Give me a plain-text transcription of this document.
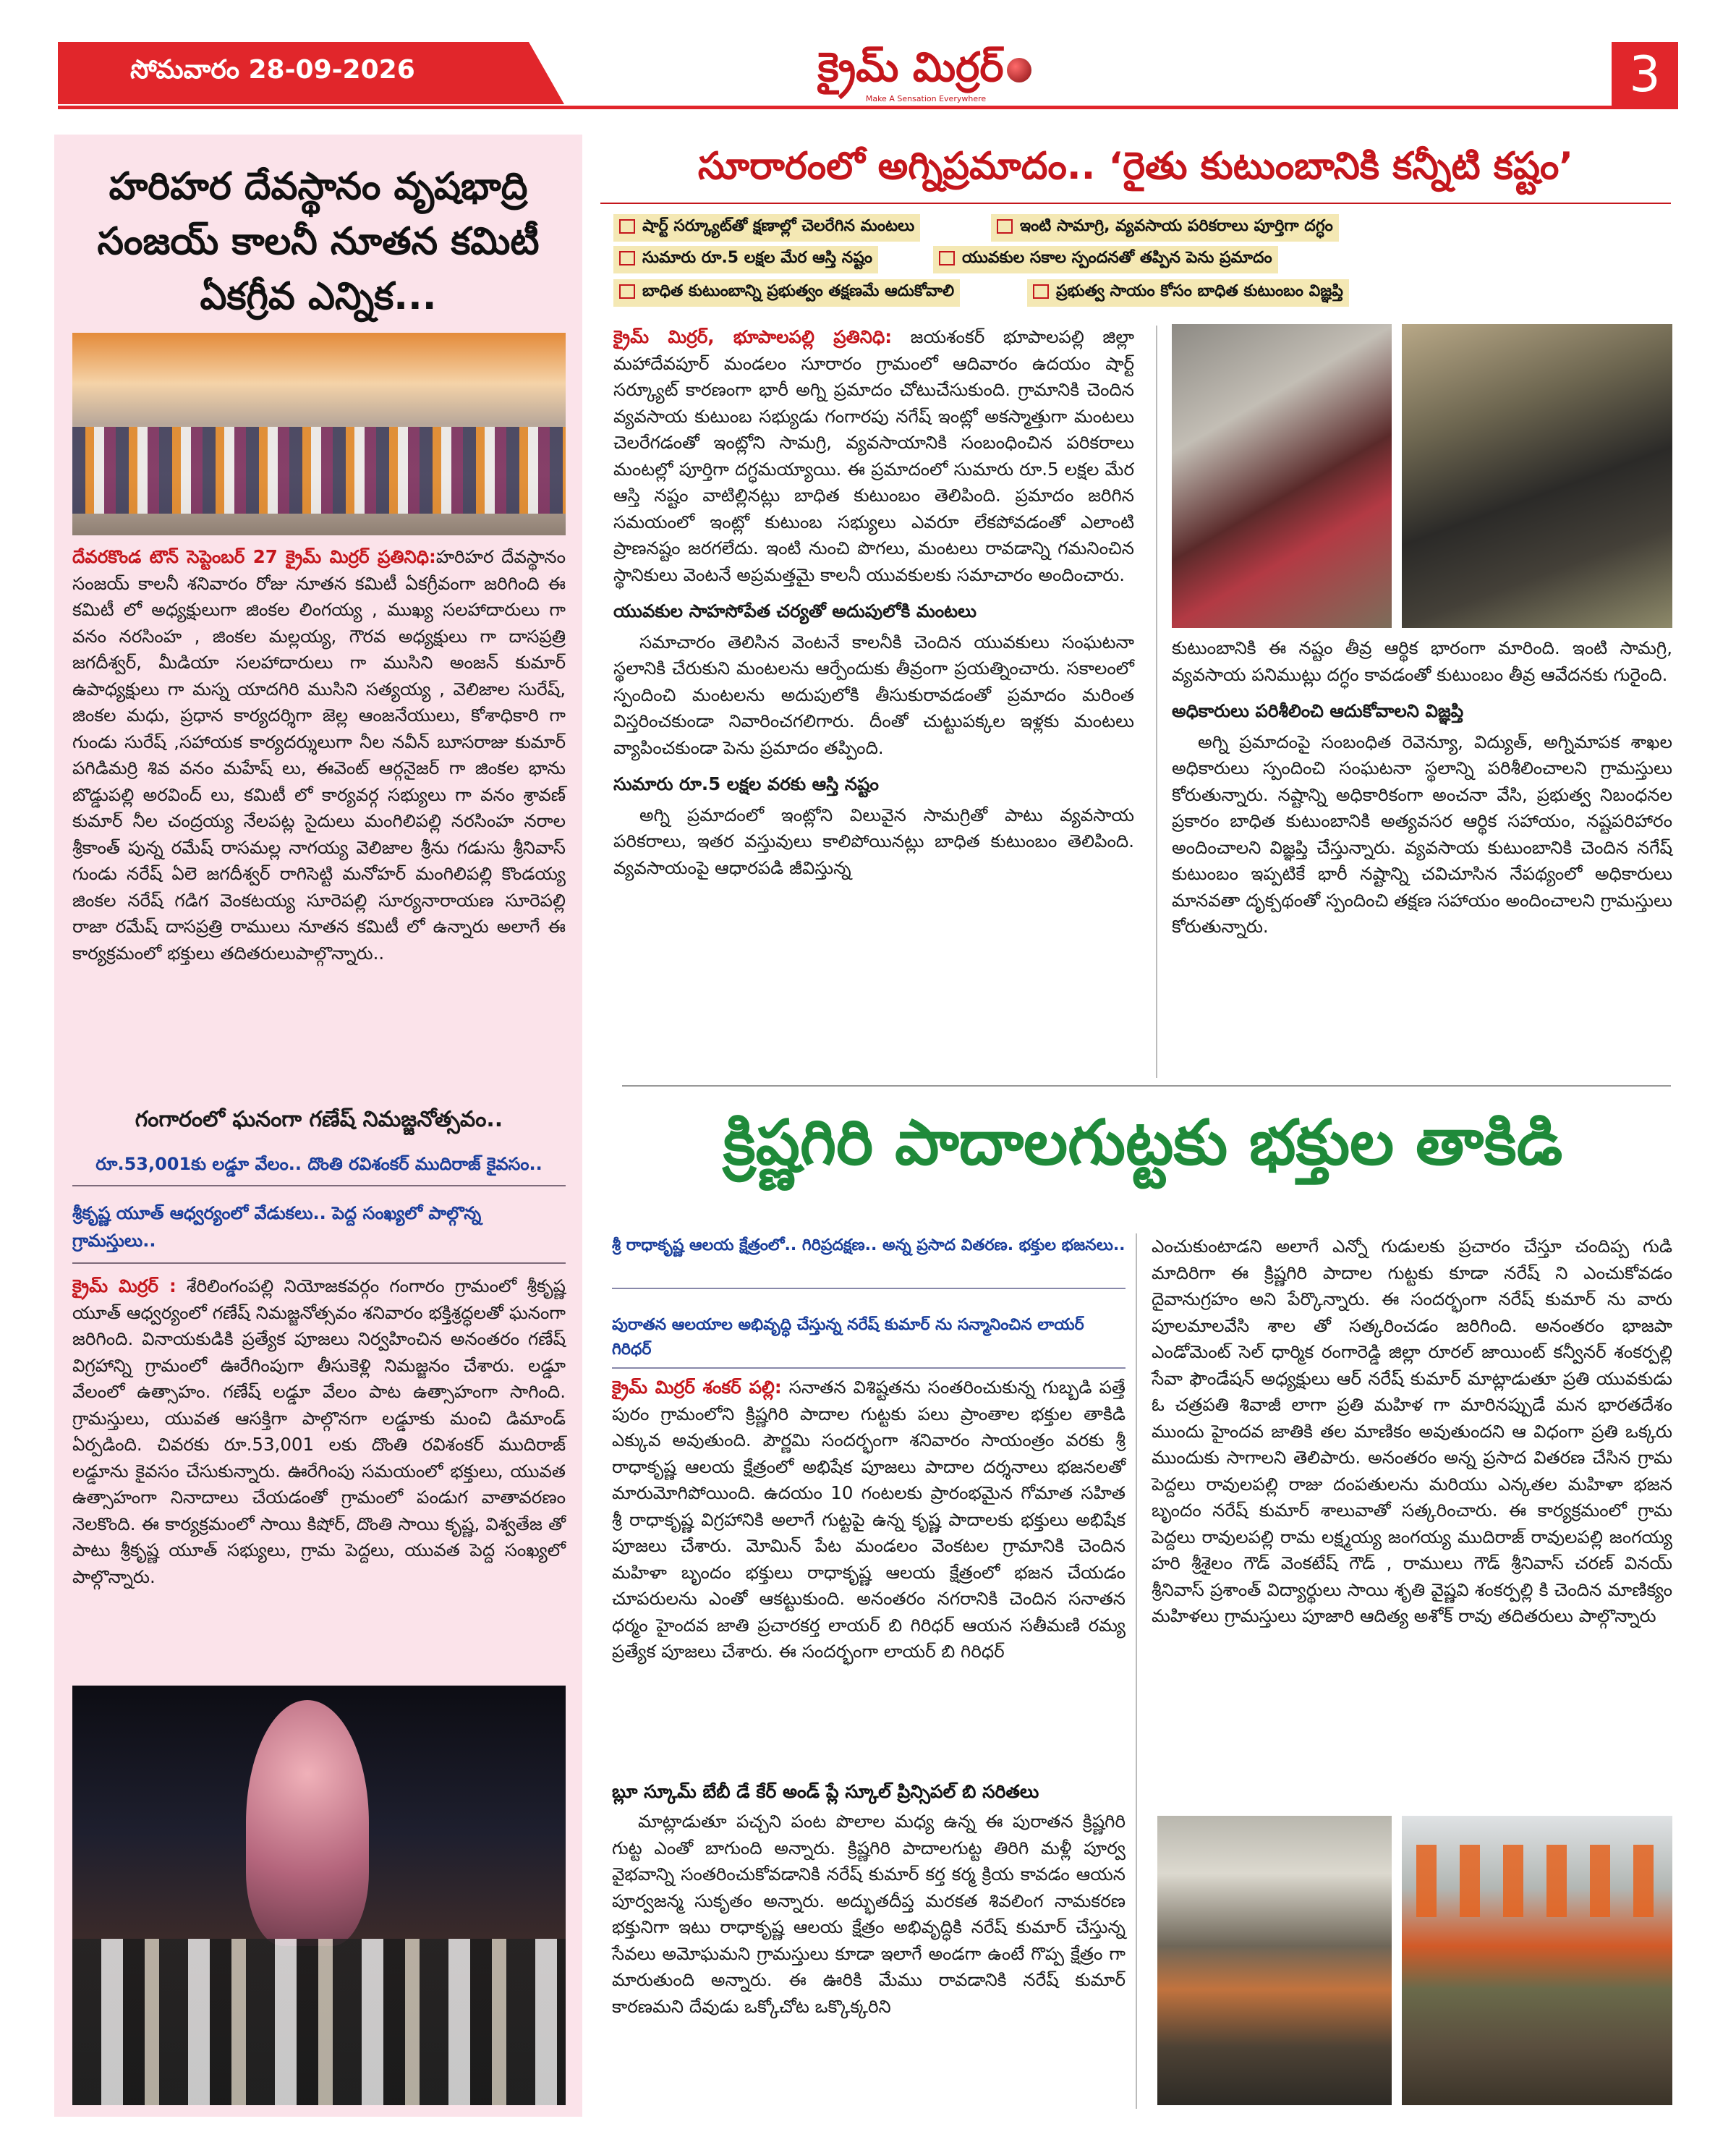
సోమవారం 28-09-2026	క్రైమ్ మిర్రర్
Make A Sensation Everywhere	3
హరిహర దేవస్థానం వృషభాద్రి సంజయ్ కాలనీ నూతన కమిటీ ఏకగ్రీవ ఎన్నిక...
దేవరకొండ టౌన్ సెప్టెంబర్ 27 క్రైమ్ మిర్రర్ ప్రతినిధి:హరిహర దేవస్థానం సంజయ్ కాలనీ శనివారం రోజు నూతన కమిటీ ఏకగ్రీవంగా జరిగింది ఈ కమిటీ లో అధ్యక్షులుగా జింకల లింగయ్య , ముఖ్య సలహాదారులు గా వనం నరసింహ , జింకల మల్లయ్య, గౌరవ అధ్యక్షులు గా దాసప్రత్రి జగదీశ్వర్, మీడియా సలహాదారులు గా ముసిని అంజన్ కుమార్ ఉపాధ్యక్షులు గా మస్న యాదగిరి ముసిని సత్యయ్య , వెలిజాల సురేష్, జింకల మధు, ప్రధాన కార్యదర్శిగా జెల్ల ఆంజనేయులు, కోశాధికారి గా గుండు సురేష్ ,సహాయక కార్యదర్శులుగా నీల నవీన్ బూసరాజు కుమార్ పగిడిమర్రి శివ వనం మహేష్ లు, ఈవెంట్ ఆర్గనైజర్ గా జింకల భాను బొడ్డుపల్లి అరవింద్ లు, కమిటీ లో కార్యవర్గ సభ్యులు గా వనం శ్రావణ్ కుమార్ నీల చంద్రయ్య నేలపట్ల సైదులు మంగిలిపల్లి నరసింహ నరాల శ్రీకాంత్ పున్న రమేష్ రాసమల్ల నాగయ్య వెలిజాల శ్రీను గడుసు శ్రీనివాస్ గుండు నరేష్ ఏలె జగదీశ్వర్ రాగిసెట్టి మనోహర్ మంగిలిపల్లి కొండయ్య జింకల నరేష్ గడిగ వెంకటయ్య సూరెపల్లి సూర్యనారాయణ సూరెపల్లి రాజా రమేష్ దాసప్రత్రి రాములు నూతన కమిటీ లో ఉన్నారు అలాగే ఈ కార్యక్రమంలో భక్తులు తదితరులుపాల్గొన్నారు..
గంగారంలో ఘనంగా గణేష్ నిమజ్జనోత్సవం..
రూ.53,001కు లడ్డూ వేలం.. దొంతి రవిశంకర్ ముదిరాజ్ కైవసం..
శ్రీకృష్ణ యూత్ ఆధ్వర్యంలో వేడుకలు.. పెద్ద సంఖ్యలో పాల్గొన్న గ్రామస్తులు..
క్రైమ్ మిర్రర్ : శేరిలింగంపల్లి నియోజకవర్గం గంగారం గ్రామంలో శ్రీకృష్ణ యూత్ ఆధ్వర్యంలో గణేష్ నిమజ్జనోత్సవం శనివారం భక్తిశ్రద్ధలతో ఘనంగా జరిగింది. వినాయకుడికి ప్రత్యేక పూజలు నిర్వహించిన అనంతరం గణేష్ విగ్రహాన్ని గ్రామంలో ఊరేగింపుగా తీసుకెళ్లి నిమజ్జనం చేశారు. లడ్డూ వేలంలో ఉత్సాహం. గణేష్ లడ్డూ వేలం పాట ఉత్సాహంగా సాగింది. గ్రామస్తులు, యువత ఆసక్తిగా పాల్గొనగా లడ్డూకు మంచి డిమాండ్ ఏర్పడింది. చివరకు రూ.53,001 లకు దొంతి రవిశంకర్ ముదిరాజ్ లడ్డూను కైవసం చేసుకున్నారు. ఊరేగింపు సమయంలో భక్తులు, యువత ఉత్సాహంగా నినాదాలు చేయడంతో గ్రామంలో పండుగ వాతావరణం నెలకొంది. ఈ కార్యక్రమంలో సాయి కిషోర్, దొంతి సాయి కృష్ణ, విశ్వతేజ తో పాటు శ్రీకృష్ణ యూత్ సభ్యులు, గ్రామ పెద్దలు, యువత పెద్ద సంఖ్యలో పాల్గొన్నారు.
సూరారంలో అగ్నిప్రమాదం.. ‘రైతు కుటుంబానికి కన్నీటి కష్టం’
షార్ట్ సర్క్యూట్‌తో క్షణాల్లో చెలరేగిన మంటలు	ఇంటి సామాగ్రి, వ్యవసాయ పరికరాలు పూర్తిగా దగ్ధం
సుమారు రూ.5 లక్షల మేర ఆస్తి నష్టం	యువకుల సకాల స్పందనతో తప్పిన పెను ప్రమాదం
బాధిత కుటుంబాన్ని ప్రభుత్వం తక్షణమే ఆదుకోవాలి	ప్రభుత్వ సాయం కోసం బాధిత కుటుంబం విజ్ఞప్తి
క్రైమ్ మిర్రర్, భూపాలపల్లి ప్రతినిధి: జయశంకర్ భూపాలపల్లి జిల్లా మహాదేవపూర్ మండలం సూరారం గ్రామంలో ఆదివారం ఉదయం షార్ట్ సర్క్యూట్ కారణంగా భారీ అగ్ని ప్రమాదం చోటుచేసుకుంది. గ్రామానికి చెందిన వ్యవసాయ కుటుంబ సభ్యుడు గంగారపు నగేష్ ఇంట్లో అకస్మాత్తుగా మంటలు చెలరేగడంతో ఇంట్లోని సామగ్రి, వ్యవసాయానికి సంబంధించిన పరికరాలు మంటల్లో పూర్తిగా దగ్ధమయ్యాయి. ఈ ప్రమాదంలో సుమారు రూ.5 లక్షల మేర ఆస్తి నష్టం వాటిల్లినట్లు బాధిత కుటుంబం తెలిపింది. ప్రమాదం జరిగిన సమయంలో ఇంట్లో కుటుంబ సభ్యులు ఎవరూ లేకపోవడంతో ఎలాంటి ప్రాణనష్టం జరగలేదు. ఇంటి నుంచి పొగలు, మంటలు రావడాన్ని గమనించిన స్థానికులు వెంటనే అప్రమత్తమై కాలనీ యువకులకు సమాచారం అందించారు.
యువకుల సాహసోపేత చర్యతో అదుపులోకి మంటలు
సమాచారం తెలిసిన వెంటనే కాలనీకి చెందిన యువకులు సంఘటనా స్థలానికి చేరుకుని మంటలను ఆర్పేందుకు తీవ్రంగా ప్రయత్నించారు. సకాలంలో స్పందించి మంటలను అదుపులోకి తీసుకురావడంతో ప్రమాదం మరింత విస్తరించకుండా నివారించగలిగారు. దీంతో చుట్టుపక్కల ఇళ్లకు మంటలు వ్యాపించకుండా పెను ప్రమాదం తప్పింది.
సుమారు రూ.5 లక్షల వరకు ఆస్తి నష్టం
అగ్ని ప్రమాదంలో ఇంట్లోని విలువైన సామగ్రితో పాటు వ్యవసాయ పరికరాలు, ఇతర వస్తువులు కాలిపోయినట్లు బాధిత కుటుంబం తెలిపింది. వ్యవసాయంపై ఆధారపడి జీవిస్తున్న
కుటుంబానికి ఈ నష్టం తీవ్ర ఆర్థిక భారంగా మారింది. ఇంటి సామగ్రి, వ్యవసాయ పనిముట్లు దగ్ధం కావడంతో కుటుంబం తీవ్ర ఆవేదనకు గురైంది.
అధికారులు పరిశీలించి ఆదుకోవాలని విజ్ఞప్తి
అగ్ని ప్రమాదంపై సంబంధిత రెవెన్యూ, విద్యుత్, అగ్నిమాపక శాఖల అధికారులు స్పందించి సంఘటనా స్థలాన్ని పరిశీలించాలని గ్రామస్తులు కోరుతున్నారు. నష్టాన్ని అధికారికంగా అంచనా వేసి, ప్రభుత్వ నిబంధనల ప్రకారం బాధిత కుటుంబానికి అత్యవసర ఆర్థిక సహాయం, నష్టపరిహారం అందించాలని విజ్ఞప్తి చేస్తున్నారు. వ్యవసాయ కుటుంబానికి చెందిన నగేష్ కుటుంబం ఇప్పటికే భారీ నష్టాన్ని చవిచూసిన నేపథ్యంలో అధికారులు మానవతా దృక్పథంతో స్పందించి తక్షణ సహాయం అందించాలని గ్రామస్తులు కోరుతున్నారు.
క్రిష్ణగిరి పాదాలగుట్టకు భక్తుల తాకిడి
శ్రీ రాధాకృష్ణ ఆలయ క్షేత్రంలో.. గిరిప్రదక్షణ.. అన్న ప్రసాద వితరణ. భక్తుల భజనలు..
పురాతన ఆలయాల అభివృద్ధి చేస్తున్న నరేష్ కుమార్ ను సన్మానించిన లాయర్ గిరిధర్
క్రైమ్ మిర్రర్ శంకర్ పల్లి: సనాతన విశిష్టతను సంతరించుకున్న గుబ్బడి పత్తే పురం గ్రామంలోని క్రిష్ణగిరి పాదాల గుట్టకు పలు ప్రాంతాల భక్తుల తాకిడి ఎక్కువ అవుతుంది. పౌర్ణమి సందర్భంగా శనివారం సాయంత్రం వరకు శ్రీ రాధాకృష్ణ ఆలయ క్షేత్రంలో అభిషేక పూజలు పాదాల దర్శనాలు భజనలతో మారుమోగిపోయింది. ఉదయం 10 గంటలకు ప్రారంభమైన గోమాత సహిత శ్రీ రాధాకృష్ణ విగ్రహానికి అలాగే గుట్టపై ఉన్న కృష్ణ పాదాలకు భక్తులు అభిషేక పూజలు చేశారు. మోమిన్ పేట మండలం వెంకటల గ్రామానికి చెందిన మహిళా బృందం భక్తులు రాధాకృష్ణ ఆలయ క్షేత్రంలో భజన చేయడం చూపరులను ఎంతో ఆకట్టుకుంది. అనంతరం నగరానికి చెందిన సనాతన ధర్మం హైందవ జాతి ప్రచారకర్త లాయర్ బి గిరిధర్ ఆయన సతీమణి రమ్య ప్రత్యేక పూజలు చేశారు. ఈ సందర్భంగా లాయర్ బి గిరిధర్
బ్లూ స్కూమ్ బేబీ డే కేర్ అండ్ ప్లే స్కూల్ ప్రిన్సిపల్ బి సరితలు
మాట్లాడుతూ పచ్చని పంట పొలాల మధ్య ఉన్న ఈ పురాతన క్రిష్ణగిరి గుట్ట ఎంతో బాగుంది అన్నారు. క్రిష్ణగిరి పాదాలగుట్ట తిరిగి మళ్లీ పూర్వ వైభవాన్ని సంతరించుకోవడానికి నరేష్ కుమార్ కర్త కర్మ క్రియ కావడం ఆయన పూర్వజన్మ సుకృతం అన్నారు. అద్భుతదీప్త మరకత శివలింగ నామకరణ భక్తునిగా ఇటు రాధాకృష్ణ ఆలయ క్షేత్రం అభివృద్ధికి నరేష్ కుమార్ చేస్తున్న సేవలు అమోఘమని గ్రామస్తులు కూడా ఇలాగే అండగా ఉంటే గొప్ప క్షేత్రం గా మారుతుంది అన్నారు. ఈ ఊరికి మేము రావడానికి నరేష్ కుమార్ కారణమని దేవుడు ఒక్కోచోట ఒక్కొక్కరిని
ఎంచుకుంటాడని అలాగే ఎన్నో గుడులకు ప్రచారం చేస్తూ చందిప్ప గుడి మాదిరిగా ఈ క్రిష్ణగిరి పాదాల గుట్టకు కూడా నరేష్ ని ఎంచుకోవడం దైవానుగ్రహం అని పేర్కొన్నారు. ఈ సందర్భంగా నరేష్ కుమార్ ను వారు పూలమాలవేసి శాల తో సత్కరించడం జరిగింది. అనంతరం భాజపా ఎండోమెంట్ సెల్ ధార్మిక రంగారెడ్డి జిల్లా రూరల్ జాయింట్ కన్వీనర్ శంకర్పల్లి సేవా ఫౌండేషన్ అధ్యక్షులు ఆర్ నరేష్ కుమార్ మాట్లాడుతూ ప్రతి యువకుడు ఓ చత్రపతి శివాజీ లాగా ప్రతి మహిళ గా మారినప్పుడే మన భారతదేశం ముందు హైందవ జాతికి తల మాణికం అవుతుందని ఆ విధంగా ప్రతి ఒక్కరు ముందుకు సాగాలని తెలిపారు. అనంతరం అన్న ప్రసాద వితరణ చేసిన గ్రామ పెద్దలు రావులపల్లి రాజు దంపతులను మరియు ఎన్కతల మహిళా భజన బృందం నరేష్ కుమార్ శాలువాతో సత్కరించారు. ఈ కార్యక్రమంలో గ్రామ పెద్దలు రావులపల్లి రామ లక్ష్మయ్య జంగయ్య ముదిరాజ్ రావులపల్లి జంగయ్య హరి శ్రీశైలం గౌడ్ వెంకటేష్ గౌడ్ , రాములు గౌడ్ శ్రీనివాస్ చరణ్ వినయ్ శ్రీనివాస్ ప్రశాంత్ విద్యార్థులు సాయి శృతి వైష్ణవి శంకర్పల్లి కి చెందిన మాణిక్యం మహిళలు గ్రామస్తులు పూజారి ఆదిత్య అశోక్ రావు తదితరులు పాల్గొన్నారు
